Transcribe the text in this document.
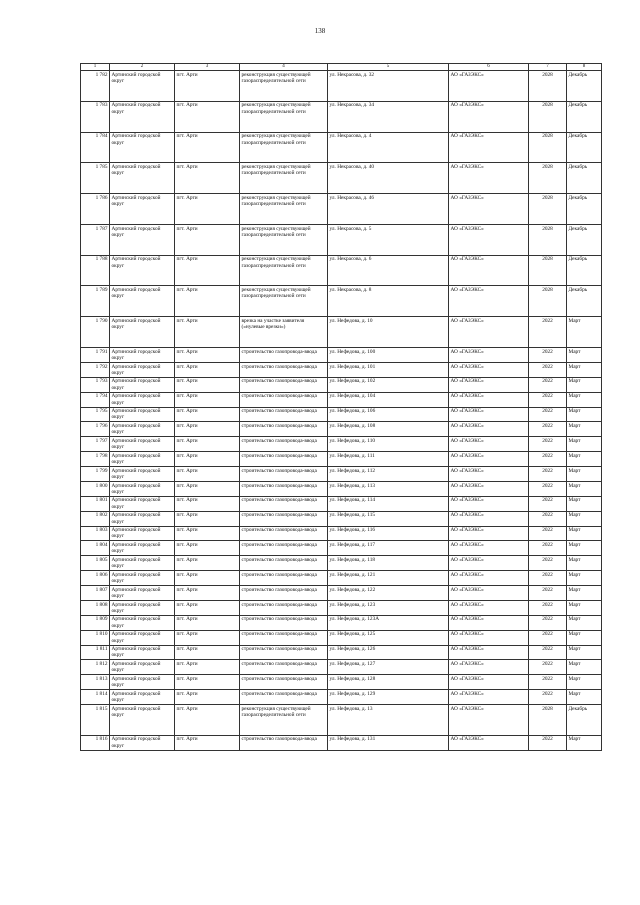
138
1	2	3	4	5	6	7	8
1 782	Артинский городской округ	пгт. Арти	реконструкция существующей газораспределительной сети	ул. Некрасова, д. 32	АО «ГАЗЭКС»	2028	Декабрь
1 783	Артинский городской округ	пгт. Арти	реконструкция существующей газораспределительной сети	ул. Некрасова, д. 34	АО «ГАЗЭКС»	2028	Декабрь
1 784	Артинский городской округ	пгт. Арти	реконструкция существующей газораспределительной сети	ул. Некрасова, д. 4	АО «ГАЗЭКС»	2028	Декабрь
1 785	Артинский городской округ	пгт. Арти	реконструкция существующей газораспределительной сети	ул. Некрасова, д. 40	АО «ГАЗЭКС»	2028	Декабрь
1 786	Артинский городской округ	пгт. Арти	реконструкция существующей газораспределительной сети	ул. Некрасова, д. 46	АО «ГАЗЭКС»	2028	Декабрь
1 787	Артинский городской округ	пгт. Арти	реконструкция существующей газораспределительной сети	ул. Некрасова, д. 5	АО «ГАЗЭКС»	2028	Декабрь
1 788	Артинский городской округ	пгт. Арти	реконструкция существующей газораспределительной сети	ул. Некрасова, д. 6	АО «ГАЗЭКС»	2028	Декабрь
1 789	Артинский городской округ	пгт. Арти	реконструкция существующей газораспределительной сети	ул. Некрасова, д. 8	АО «ГАЗЭКС»	2028	Декабрь
1 790	Артинский городской округ	пгт. Арти	врезка на участке заявителя («нулевые врезки»)	ул. Нефедова, д. 10	АО «ГАЗЭКС»	2022	Март
1 791	Артинский городской округ	пгт. Арти	строительство газопровода-ввода	ул. Нефедова, д. 100	АО «ГАЗЭКС»	2022	Март
1 792	Артинский городской округ	пгт. Арти	строительство газопровода-ввода	ул. Нефедова, д. 101	АО «ГАЗЭКС»	2022	Март
1 793	Артинский городской округ	пгт. Арти	строительство газопровода-ввода	ул. Нефедова, д. 102	АО «ГАЗЭКС»	2022	Март
1 794	Артинский городской округ	пгт. Арти	строительство газопровода-ввода	ул. Нефедова, д. 104	АО «ГАЗЭКС»	2022	Март
1 795	Артинский городской округ	пгт. Арти	строительство газопровода-ввода	ул. Нефедова, д. 106	АО «ГАЗЭКС»	2022	Март
1 796	Артинский городской округ	пгт. Арти	строительство газопровода-ввода	ул. Нефедова, д. 108	АО «ГАЗЭКС»	2022	Март
1 797	Артинский городской округ	пгт. Арти	строительство газопровода-ввода	ул. Нефедова, д. 110	АО «ГАЗЭКС»	2022	Март
1 798	Артинский городской округ	пгт. Арти	строительство газопровода-ввода	ул. Нефедова, д. 111	АО «ГАЗЭКС»	2022	Март
1 799	Артинский городской округ	пгт. Арти	строительство газопровода-ввода	ул. Нефедова, д. 112	АО «ГАЗЭКС»	2022	Март
1 800	Артинский городской округ	пгт. Арти	строительство газопровода-ввода	ул. Нефедова, д. 113	АО «ГАЗЭКС»	2022	Март
1 801	Артинский городской округ	пгт. Арти	строительство газопровода-ввода	ул. Нефедова, д. 114	АО «ГАЗЭКС»	2022	Март
1 802	Артинский городской округ	пгт. Арти	строительство газопровода-ввода	ул. Нефедова, д. 115	АО «ГАЗЭКС»	2022	Март
1 803	Артинский городской округ	пгт. Арти	строительство газопровода-ввода	ул. Нефедова, д. 116	АО «ГАЗЭКС»	2022	Март
1 804	Артинский городской округ	пгт. Арти	строительство газопровода-ввода	ул. Нефедова, д. 117	АО «ГАЗЭКС»	2022	Март
1 805	Артинский городской округ	пгт. Арти	строительство газопровода-ввода	ул. Нефедова, д. 118	АО «ГАЗЭКС»	2022	Март
1 806	Артинский городской округ	пгт. Арти	строительство газопровода-ввода	ул. Нефедова, д. 121	АО «ГАЗЭКС»	2022	Март
1 807	Артинский городской округ	пгт. Арти	строительство газопровода-ввода	ул. Нефедова, д. 122	АО «ГАЗЭКС»	2022	Март
1 808	Артинский городской округ	пгт. Арти	строительство газопровода-ввода	ул. Нефедова, д. 123	АО «ГАЗЭКС»	2022	Март
1 809	Артинский городской округ	пгт. Арти	строительство газопровода-ввода	ул. Нефедова, д. 123А	АО «ГАЗЭКС»	2022	Март
1 810	Артинский городской округ	пгт. Арти	строительство газопровода-ввода	ул. Нефедова, д. 125	АО «ГАЗЭКС»	2022	Март
1 811	Артинский городской округ	пгт. Арти	строительство газопровода-ввода	ул. Нефедова, д. 126	АО «ГАЗЭКС»	2022	Март
1 812	Артинский городской округ	пгт. Арти	строительство газопровода-ввода	ул. Нефедова, д. 127	АО «ГАЗЭКС»	2022	Март
1 813	Артинский городской округ	пгт. Арти	строительство газопровода-ввода	ул. Нефедова, д. 128	АО «ГАЗЭКС»	2022	Март
1 814	Артинский городской округ	пгт. Арти	строительство газопровода-ввода	ул. Нефедова, д. 129	АО «ГАЗЭКС»	2022	Март
1 815	Артинский городской округ	пгт. Арти	реконструкция существующей газораспределительной сети	ул. Нефедова, д. 13	АО «ГАЗЭКС»	2028	Декабрь
1 816	Артинский городской округ	пгт. Арти	строительство газопровода-ввода	ул. Нефедова, д. 131	АО «ГАЗЭКС»	2022	Март
